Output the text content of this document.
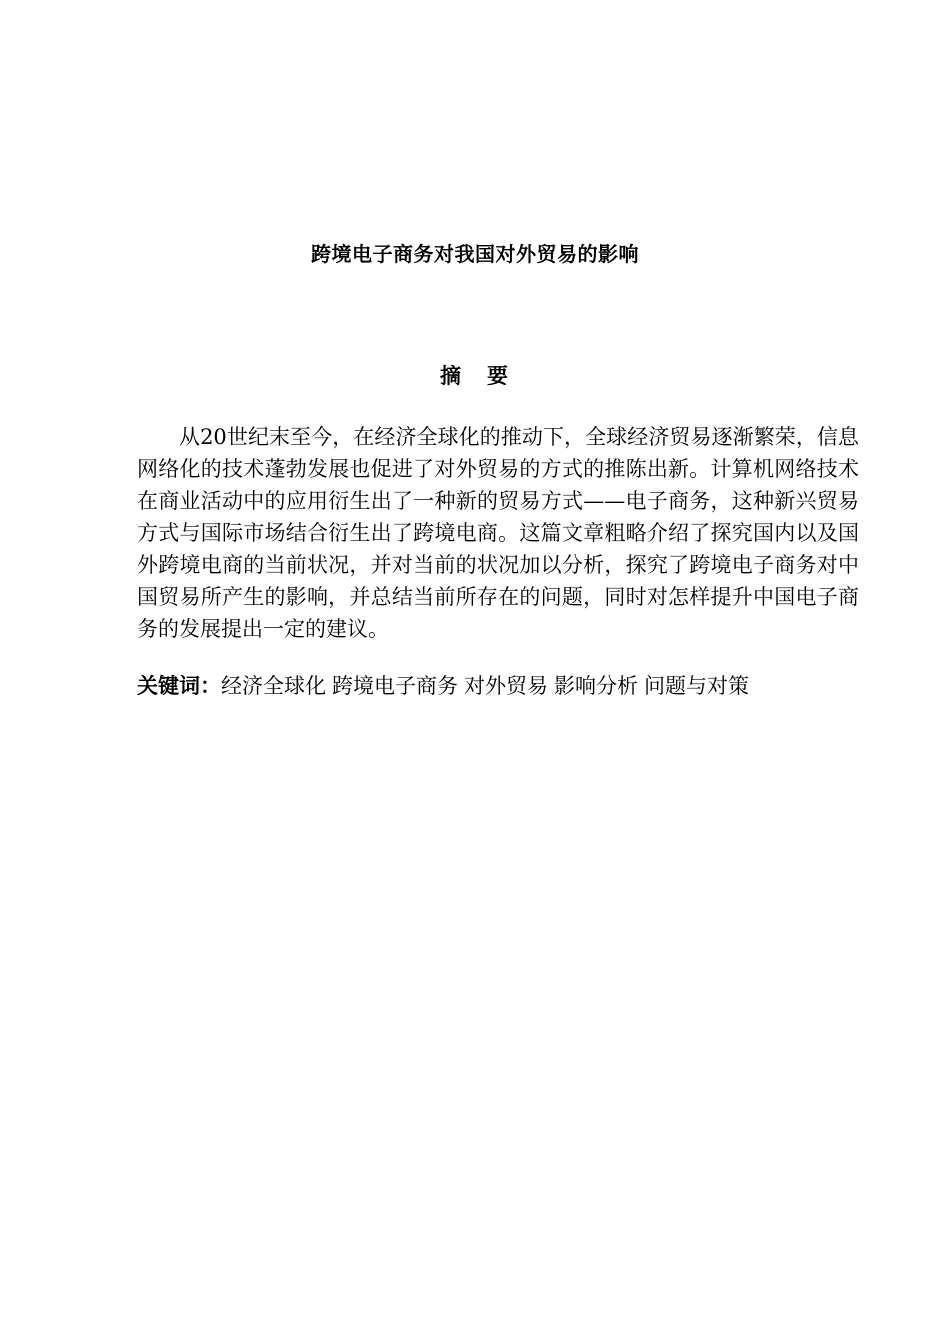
跨境电子商务对我国对外贸易的影响
摘 要

从20世纪末至今，在经济全球化的推动下，全球经济贸易逐渐繁荣，信息网络化的技术蓬勃发展也促进了对外贸易的方式的推陈出新。计算机网络技术在商业活动中的应用衍生出了一种新的贸易方式——电子商务，这种新兴贸易方式与国际市场结合衍生出了跨境电商。这篇文章粗略介绍了探究国内以及国外跨境电商的当前状况，并对当前的状况加以分析，探究了跨境电子商务对中国贸易所产生的影响，并总结当前所存在的问题，同时对怎样提升中国电子商务的发展提出一定的建议。

关键词：经济全球化 跨境电子商务 对外贸易 影响分析 问题与对策
